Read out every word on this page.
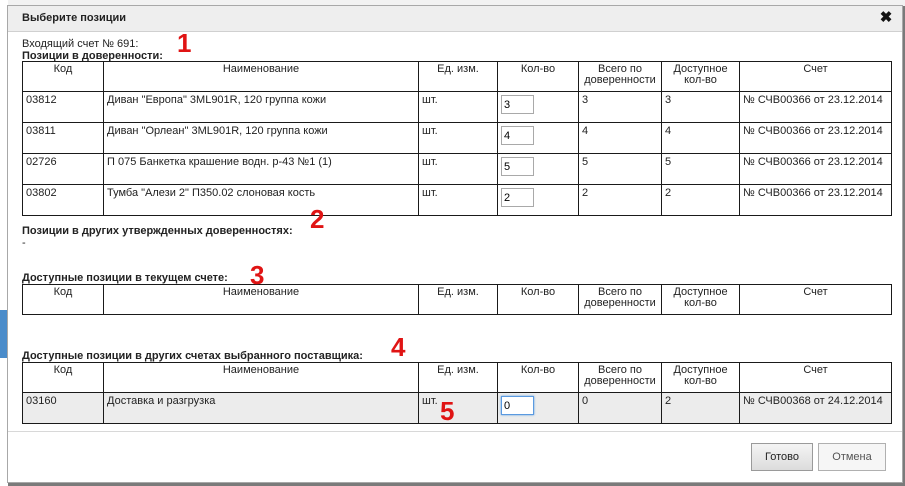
Выберите позиции	✖
Входящий счет № 691:
Позиции в доверенности:
Код	Наименование	Ед. изм.	Кол-во	Всего по доверенности	Доступное кол-во	Счет
03812	Диван "Европа" 3ML901R, 120 группа кожи	шт.	3	3	3	№ СЧВ00366 от 23.12.2014
03811	Диван "Орлеан" 3ML901R, 120 группа кожи	шт.	4	4	4	№ СЧВ00366 от 23.12.2014
02726	П 075 Банкетка крашение водн. р-43 №1 (1)	шт.	5	5	5	№ СЧВ00366 от 23.12.2014
03802	Тумба "Алези 2" П350.02 слоновая кость	шт.	2	2	2	№ СЧВ00366 от 23.12.2014
Позиции в других утвержденных доверенностях:
-
Доступные позиции в текущем счете:
Код	Наименование	Ед. изм.	Кол-во	Всего по доверенности	Доступное кол-во	Счет
Доступные позиции в других счетах выбранного поставщика:
Код	Наименование	Ед. изм.	Кол-во	Всего по доверенности	Доступное кол-во	Счет
03160	Доставка и разгрузка	шт.	0	0	2	№ СЧВ00368 от 24.12.2014
1
2
3
4
5
Готово	Отмена
